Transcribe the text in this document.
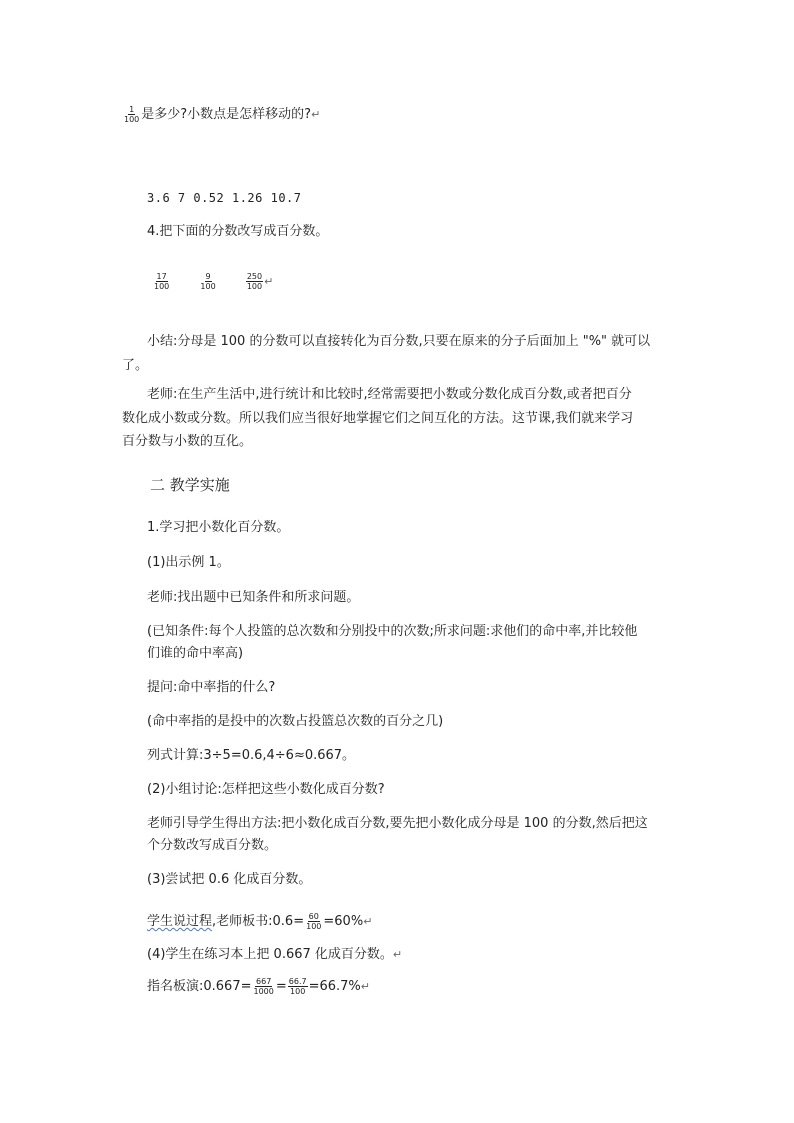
$\frac{1}{100}$ 是多少?小数点是怎样移动的?↵
3.6 7 0.52 1.26 10.7
4.把下面的分数改写成百分数。
$\frac{17}{100}$
	$\frac{9}{100}$
	$\frac{250}{100}$ ↵
小结:分母是 100 的分数可以直接转化为百分数,只要在原来的分子后面加上 "%" 就可以
了。
老师:在生产生活中,进行统计和比较时,经常需要把小数或分数化成百分数,或者把百分
数化成小数或分数。所以我们应当很好地掌握它们之间互化的方法。这节课,我们就来学习
百分数与小数的互化。
二 教学实施
1.学习把小数化百分数。
(1)出示例 1。
老师:找出题中已知条件和所求问题。
(已知条件:每个人投篮的总次数和分别投中的次数;所求问题:求他们的命中率,并比较他
们谁的命中率高)
提问:命中率指的什么?
(命中率指的是投中的次数占投篮总次数的百分之几)
列式计算:3÷5=0.6,4÷6≈0.667。
(2)小组讨论:怎样把这些小数化成百分数?
老师引导学生得出方法:把小数化成百分数,要先把小数化成分母是 100 的分数,然后把这
个分数改写成百分数。
(3)尝试把 0.6 化成百分数。
学生说过程,老师板书:0.6= $\frac{60}{100}$ =60%↵
(4)学生在练习本上把 0.667 化成百分数。↵
指名板演:0.667= $\frac{667}{1000} = \frac{66.7}{100}$ =66.7%↵
